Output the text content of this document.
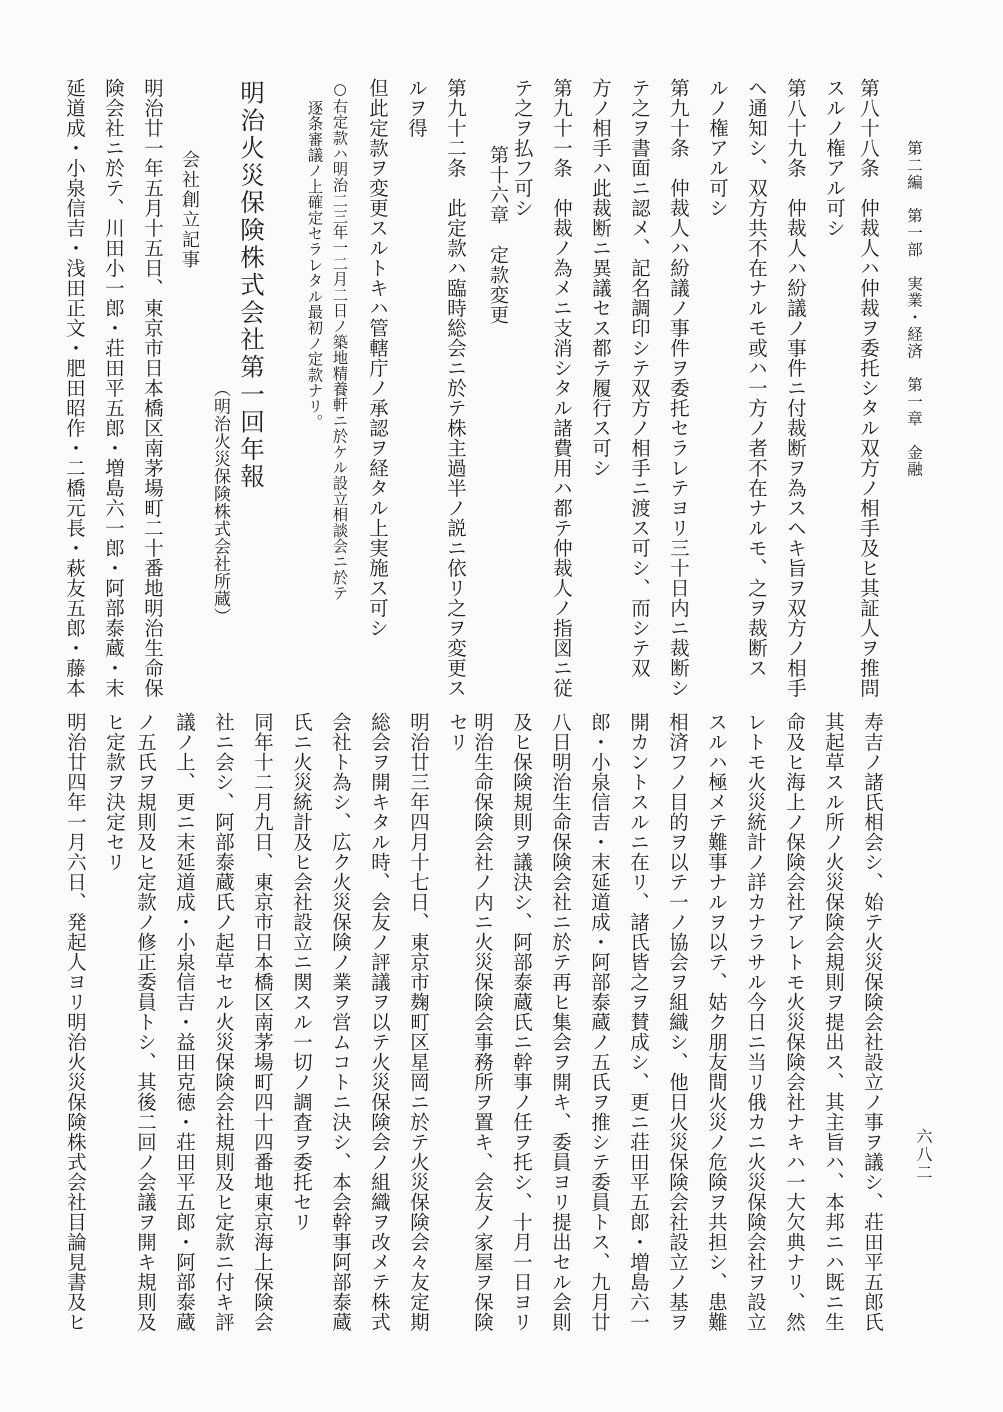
第二編　第一部　実業・経済　第一章　金融
六八二
第八十八条　仲裁人ハ仲裁ヲ委托シタル双方ノ相手及ヒ其証人ヲ推問
スルノ権アル可シ
第八十九条　仲裁人ハ紛議ノ事件ニ付裁断ヲ為スヘキ旨ヲ双方ノ相手
ヘ通知シ、双方共不在ナルモ或ハ一方ノ者不在ナルモ、之ヲ裁断ス
ルノ権アル可シ
第九十条　仲裁人ハ紛議ノ事件ヲ委托セラレテヨリ三十日内ニ裁断シ
テ之ヲ書面ニ認メ、記名調印シテ双方ノ相手ニ渡ス可シ、而シテ双
方ノ相手ハ此裁断ニ異議セス都テ履行ス可シ
第九十一条　仲裁ノ為メニ支消シタル諸費用ハ都テ仲裁人ノ指図ニ従
テ之ヲ払フ可シ
第十六章　定款変更
第九十二条　此定款ハ臨時総会ニ於テ株主過半ノ説ニ依リ之ヲ変更ス
ルヲ得
但此定款ヲ変更スルトキハ管轄庁ノ承認ヲ経タル上実施ス可シ
○右定款ハ明治二三年一二月二日ノ築地精養軒ニ於ケル設立相談会ニ於テ
逐条審議ノ上確定セラレタル最初ノ定款ナリ。
明治火災保険株式会社第一回年報
（明治火災保険株式会社所蔵）
会社創立記事
明治廿一年五月十五日、東京市日本橋区南茅場町二十番地明治生命保
険会社ニ於テ、川田小一郎・荘田平五郎・増島六一郎・阿部泰蔵・末
延道成・小泉信吉・浅田正文・肥田昭作・二橋元長・萩友五郎・藤本
寿吉ノ諸氏相会シ、始テ火災保険会社設立ノ事ヲ議シ、荘田平五郎氏
其起草スル所ノ火災保険会規則ヲ提出ス、其主旨ハ、本邦ニハ既ニ生
命及ヒ海上ノ保険会社アレトモ火災保険会社ナキハ一大欠典ナリ、然
レトモ火災統計ノ詳カナラサル今日ニ当リ俄カニ火災保険会社ヲ設立
スルハ極メテ難事ナルヲ以テ、姑ク朋友間火災ノ危険ヲ共担シ、患難
相済フノ目的ヲ以テ一ノ協会ヲ組織シ、他日火災保険会社設立ノ基ヲ
開カントスルニ在リ、諸氏皆之ヲ賛成シ、更ニ荘田平五郎・増島六一
郎・小泉信吉・末延道成・阿部泰蔵ノ五氏ヲ推シテ委員トス、九月廿
八日明治生命保険会社ニ於テ再ヒ集会ヲ開キ、委員ヨリ提出セル会則
及ヒ保険規則ヲ議決シ、阿部泰蔵氏ニ幹事ノ任ヲ托シ、十月一日ヨリ
明治生命保険会社ノ内ニ火災保険会事務所ヲ置キ、会友ノ家屋ヲ保険
セリ
明治廿三年四月十七日、東京市麹町区星岡ニ於テ火災保険会々友定期
総会ヲ開キタル時、会友ノ評議ヲ以テ火災保険会ノ組織ヲ改メテ株式
会社ト為シ、広ク火災保険ノ業ヲ営ムコトニ決シ、本会幹事阿部泰蔵
氏ニ火災統計及ヒ会社設立ニ関スル一切ノ調査ヲ委托セリ
同年十二月九日、東京市日本橋区南茅場町四十四番地東京海上保険会
社ニ会シ、阿部泰蔵氏ノ起草セル火災保険会社規則及ヒ定款ニ付キ評
議ノ上、更ニ末延道成・小泉信吉・益田克徳・荘田平五郎・阿部泰蔵
ノ五氏ヲ規則及ヒ定款ノ修正委員トシ、其後二回ノ会議ヲ開キ規則及
ヒ定款ヲ決定セリ
明治廿四年一月六日、発起人ヨリ明治火災保険株式会社目論見書及ヒ
